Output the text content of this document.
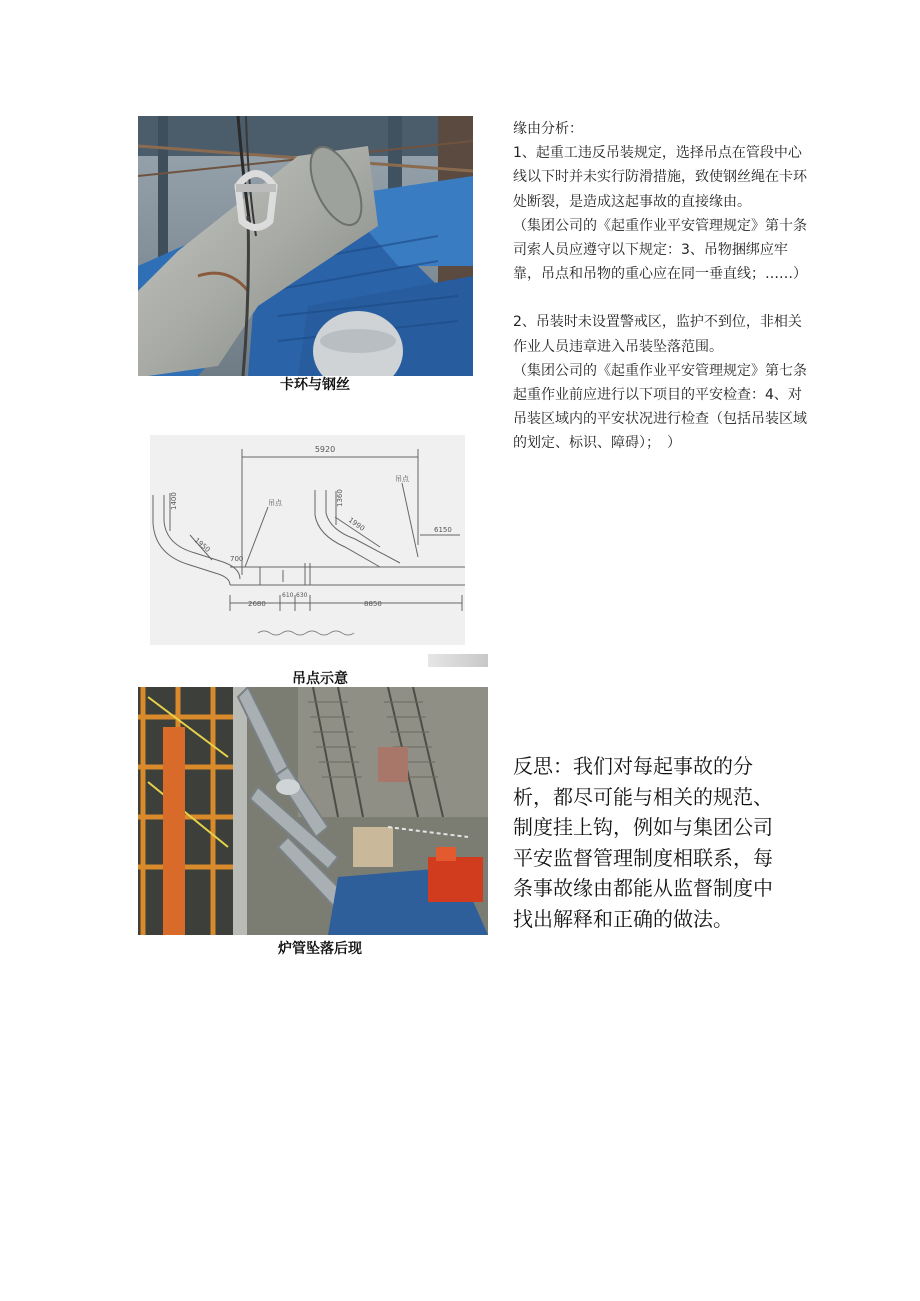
卡环与钢丝
5920
1400
1950
700
1360
1990	6150
2680
610 630
8850
吊点
吊点
吊点示意
炉管坠落后现

缘由分析：

1、起重工违反吊装规定，选择吊点在管段中心线以下时并未实行防滑措施，致使钢丝绳在卡环处断裂，是造成这起事故的直接缘由。

（集团公司的《起重作业平安管理规定》第十条司索人员应遵守以下规定：3、吊物捆绑应牢靠，吊点和吊物的重心应在同一垂直线；……）

2、吊装时未设置警戒区，监护不到位，非相关作业人员违章进入吊装坠落范围。

（集团公司的《起重作业平安管理规定》第七条起重作业前应进行以下项目的平安检查：4、对吊装区域内的平安状况进行检查（包括吊装区域的划定、标识、障碍）；　）

反思：我们对每起事故的分析，都尽可能与相关的规范、制度挂上钩，例如与集团公司平安监督管理制度相联系，每条事故缘由都能从监督制度中找出解释和正确的做法。
